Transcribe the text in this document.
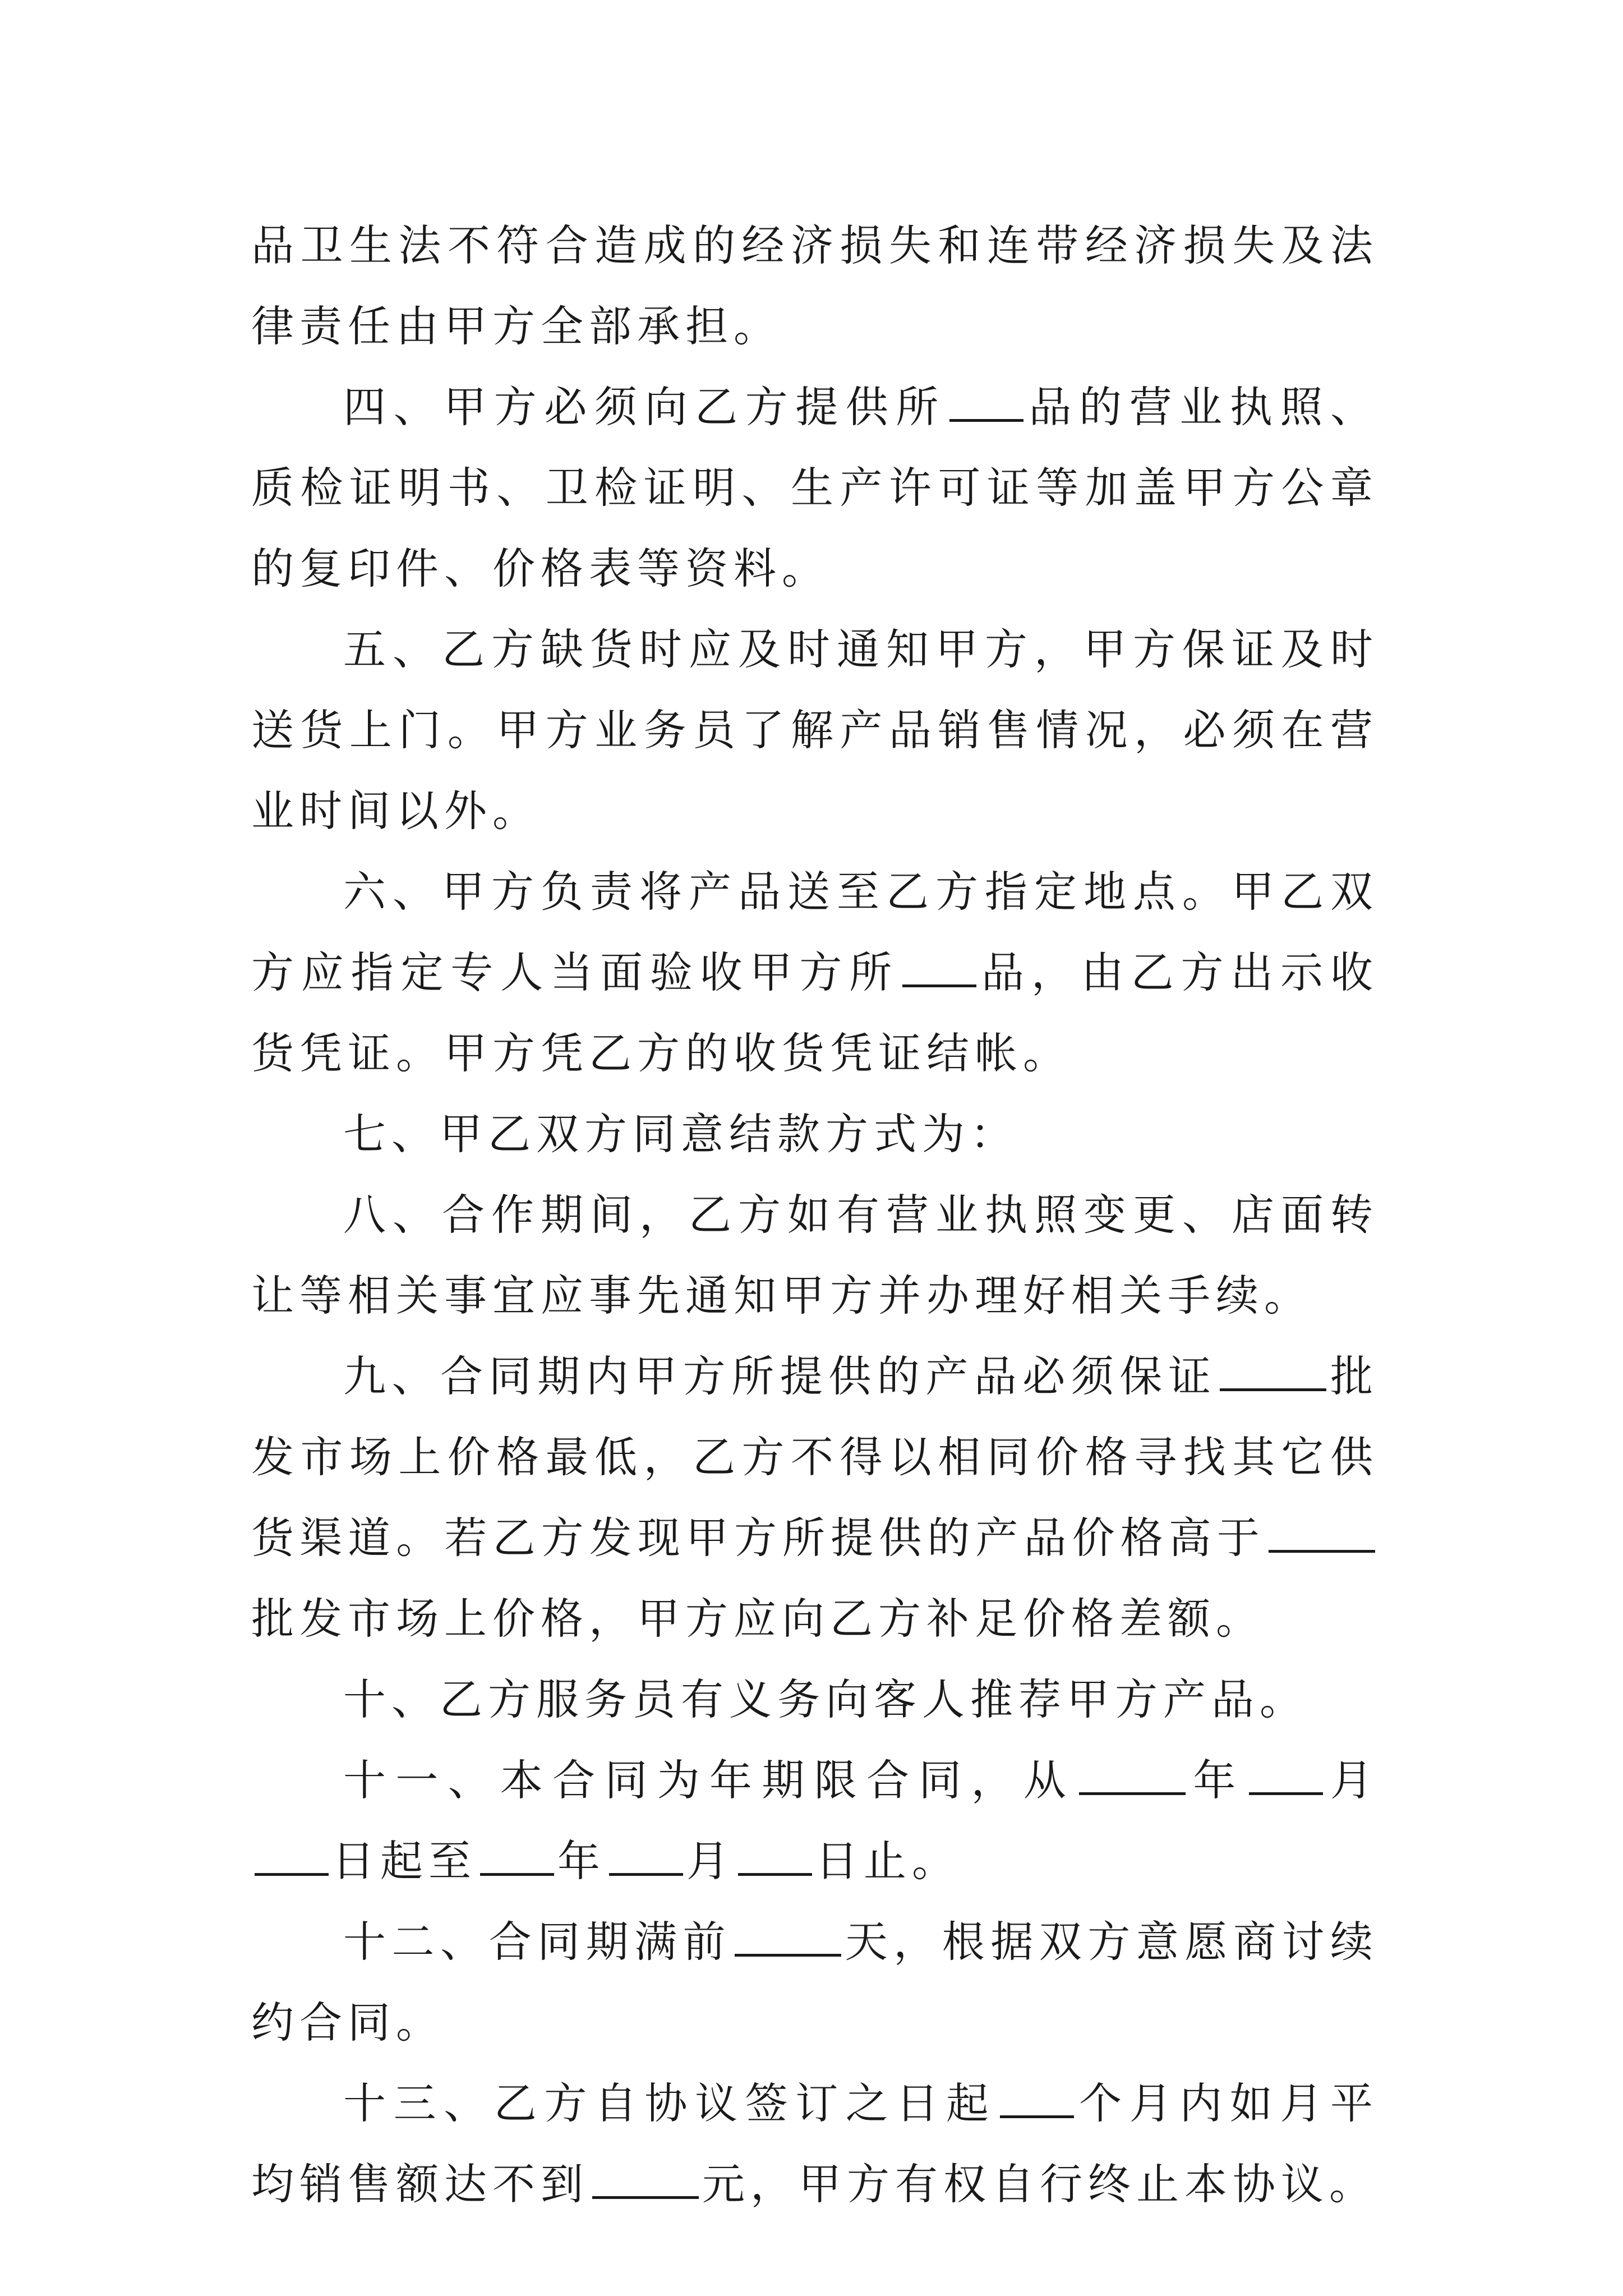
品卫生法不符合造成的经济损失和连带经济损失及法律责任由甲方全部承担。

四、甲方必须向乙方提供所 品的营业执照、质检证明书、卫检证明、生产许可证等加盖甲方公章的复印件、价格表等资料。

五、乙方缺货时应及时通知甲方，甲方保证及时送货上门。甲方业务员了解产品销售情况，必须在营业时间以外。

六、甲方负责将产品送至乙方指定地点。甲乙双方应指定专人当面验收甲方所 品，由乙方出示收货凭证。甲方凭乙方的收货凭证结帐。

七、甲乙双方同意结款方式为：

八、合作期间，乙方如有营业执照变更、店面转让等相关事宜应事先通知甲方并办理好相关手续。

九、合同期内甲方所提供的产品必须保证	批发市场上价格最低，乙方不得以相同价格寻找其它供货渠道。若乙方发现甲方所提供的产品价格高于批发市场上价格，甲方应向乙方补足价格差额。

十、乙方服务员有义务向客人推荐甲方产品。

十一、本合同为年期限合同，从	年 月日起至 年 月 日止。

十二、合同期满前	天，根据双方意愿商讨续约合同。

十三、乙方自协议签订之日起 个月内如月平均销售额达不到	元，甲方有权自行终止本协议。
